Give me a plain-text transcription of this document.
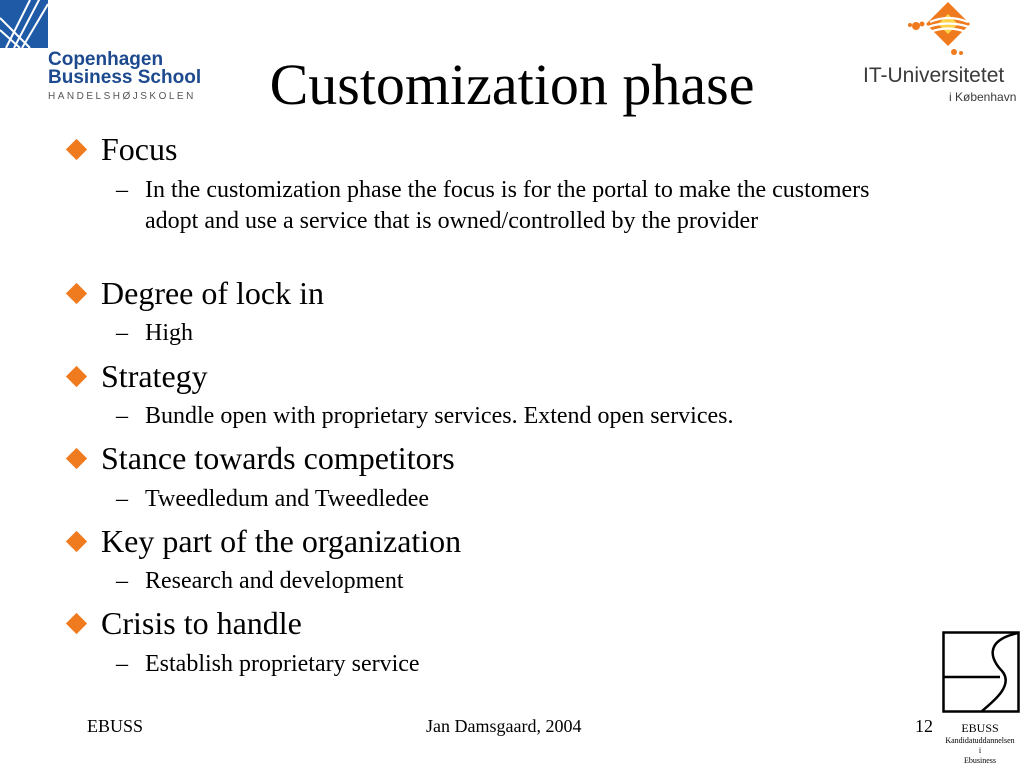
Copenhagen
Business School
HANDELSHØJSKOLEN
IT-Universitetet
i København
Customization phase
Focus
– In the customization phase the focus is for the portal to make the customers adopt and use a service that is owned/controlled by the provider
Degree of lock in
– High
Strategy
– Bundle open with proprietary services. Extend open services.
Stance towards competitors
– Tweedledum and Tweedledee
Key part of the organization
– Research and development
Crisis to handle
– Establish proprietary service
EBUSS	Jan Damsgaard, 2004	12	EBUSS
Kandidatuddannelsen
i
Ebusiness
